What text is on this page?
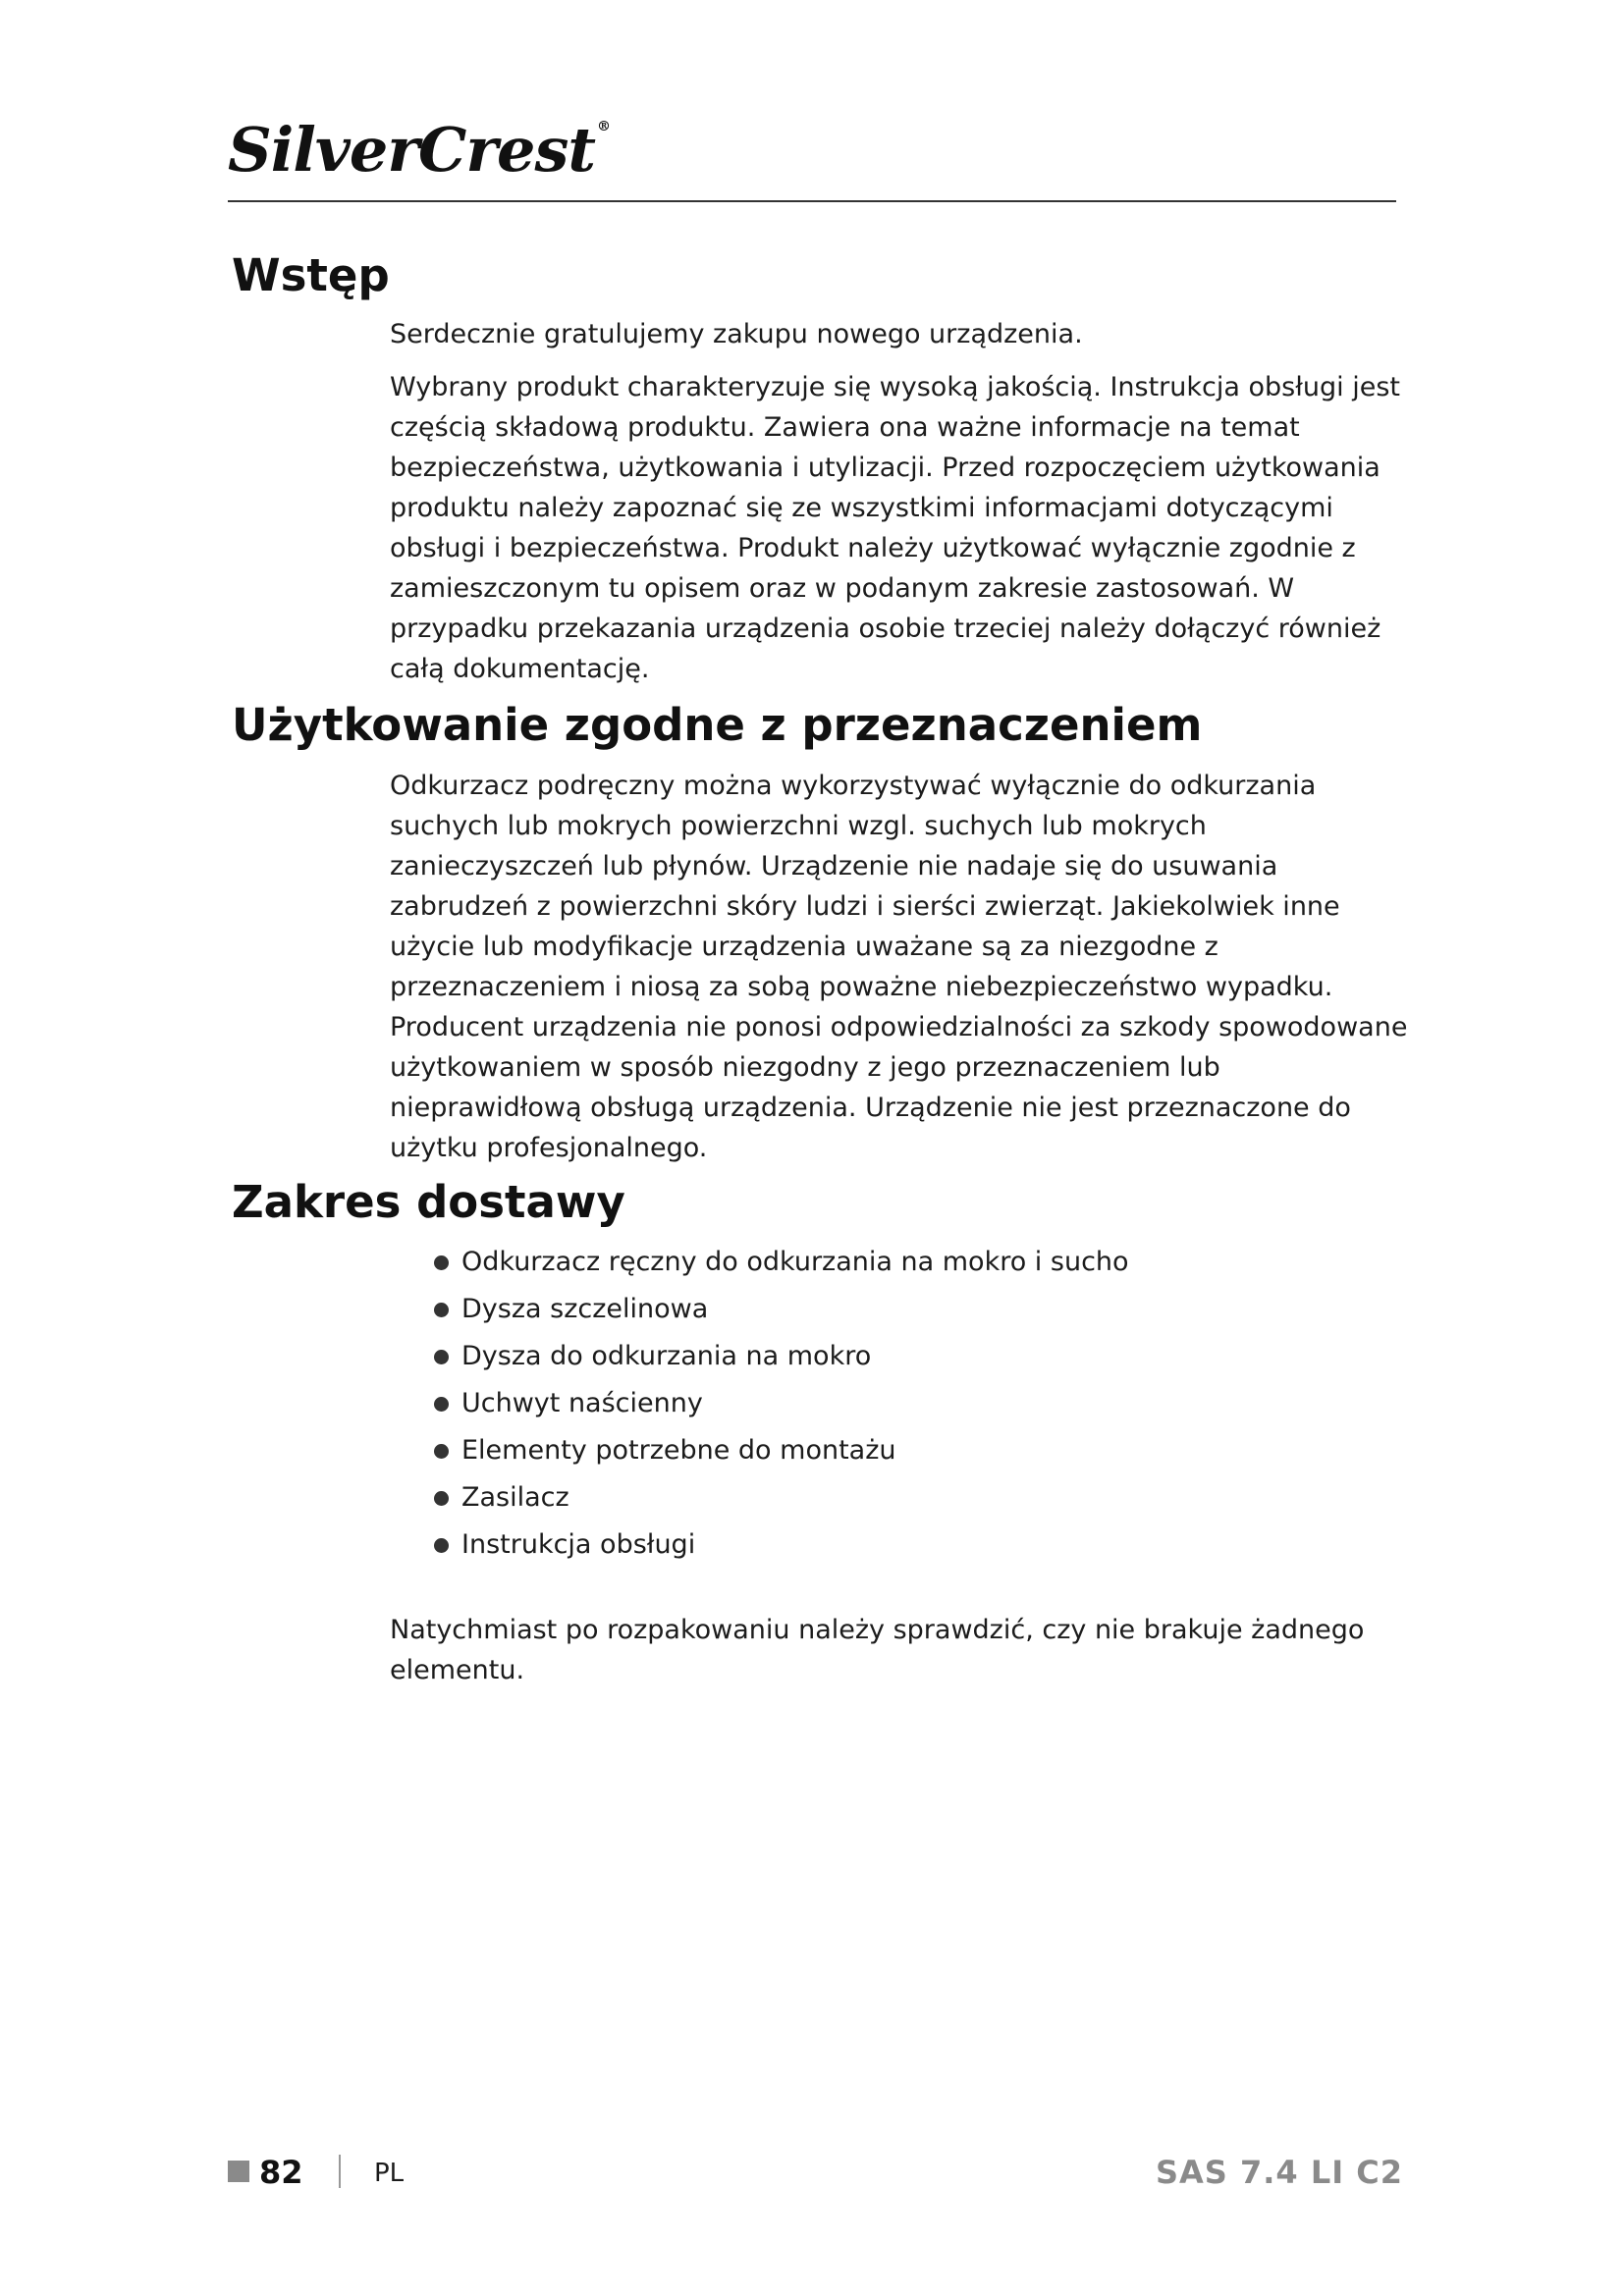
SilverCrest ®
Wstęp

Serdecznie gratulujemy zakupu nowego urządzenia.

Wybrany produkt charakteryzuje się wysoką jakością. Instrukcja obsługi jest częścią składową produktu. Zawiera ona ważne informacje na temat bezpieczeństwa, użytkowania i utylizacji. Przed rozpoczęciem użytkowania produktu należy zapoznać się ze wszystkimi informacjami dotyczącymi obsługi i bezpieczeństwa. Produkt należy użytkować wyłącznie zgodnie z zamieszczonym tu opisem oraz w podanym zakresie zastosowań. W przypadku przekazania urządzenia osobie trzeciej należy dołączyć również całą dokumentację.

Użytkowanie zgodne z przeznaczeniem

Odkurzacz podręczny można wykorzystywać wyłącznie do odkurzania suchych lub mokrych powierzchni wzgl. suchych lub mokrych zanieczyszczeń lub płynów. Urządzenie nie nadaje się do usuwania zabrudzeń z powierzchni skóry ludzi i sierści zwierząt. Jakiekolwiek inne użycie lub modyfikacje urządzenia uważane są za niezgodne z przeznaczeniem i niosą za sobą poważne niebezpieczeństwo wypadku. Producent urządzenia nie ponosi odpowiedzialności za szkody spowodowane użytkowaniem w sposób niezgodny z jego przeznaczeniem lub nieprawidłową obsługą urządzenia. Urządzenie nie jest przeznaczone do użytku profesjonalnego.

Zakres dostawy
Odkurzacz ręczny do odkurzania na mokro i sucho
Dysza szczelinowa
Dysza do odkurzania na mokro
Uchwyt naścienny
Elementy potrzebne do montażu
Zasilacz
Instrukcja obsługi

Natychmiast po rozpakowaniu należy sprawdzić, czy nie brakuje żadnego elementu.

82	PL	SAS 7.4 LI C2
